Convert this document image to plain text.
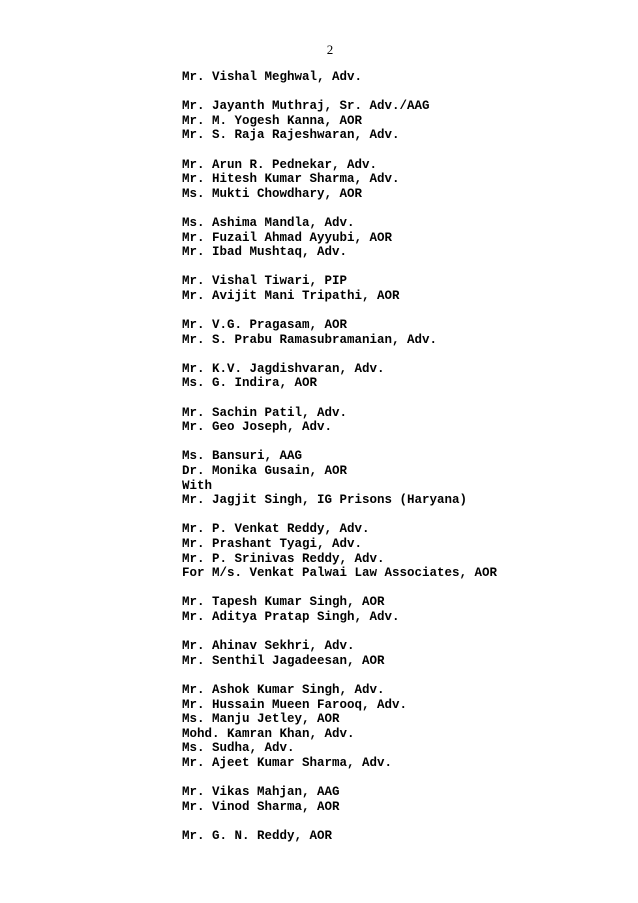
2
Mr. Vishal Meghwal, Adv.
Mr. Jayanth Muthraj, Sr. Adv./AAG
Mr. M. Yogesh Kanna, AOR
Mr. S. Raja Rajeshwaran, Adv.
Mr. Arun R. Pednekar, Adv.
Mr. Hitesh Kumar Sharma, Adv.
Ms. Mukti Chowdhary, AOR
Ms. Ashima Mandla, Adv.
Mr. Fuzail Ahmad Ayyubi, AOR
Mr. Ibad Mushtaq, Adv.
Mr. Vishal Tiwari, PIP
Mr. Avijit Mani Tripathi, AOR
Mr. V.G. Pragasam, AOR
Mr. S. Prabu Ramasubramanian, Adv.
Mr. K.V. Jagdishvaran, Adv.
Ms. G. Indira, AOR
Mr. Sachin Patil, Adv.
Mr. Geo Joseph, Adv.
Ms. Bansuri, AAG
Dr. Monika Gusain, AOR
With
Mr. Jagjit Singh, IG Prisons (Haryana)
Mr. P. Venkat Reddy, Adv.
Mr. Prashant Tyagi, Adv.
Mr. P. Srinivas Reddy, Adv.
For M/s. Venkat Palwai Law Associates, AOR
Mr. Tapesh Kumar Singh, AOR
Mr. Aditya Pratap Singh, Adv.
Mr. Ahinav Sekhri, Adv.
Mr. Senthil Jagadeesan, AOR
Mr. Ashok Kumar Singh, Adv.
Mr. Hussain Mueen Farooq, Adv.
Ms. Manju Jetley, AOR
Mohd. Kamran Khan, Adv.
Ms. Sudha, Adv.
Mr. Ajeet Kumar Sharma, Adv.
Mr. Vikas Mahjan, AAG
Mr. Vinod Sharma, AOR
Mr. G. N. Reddy, AOR
